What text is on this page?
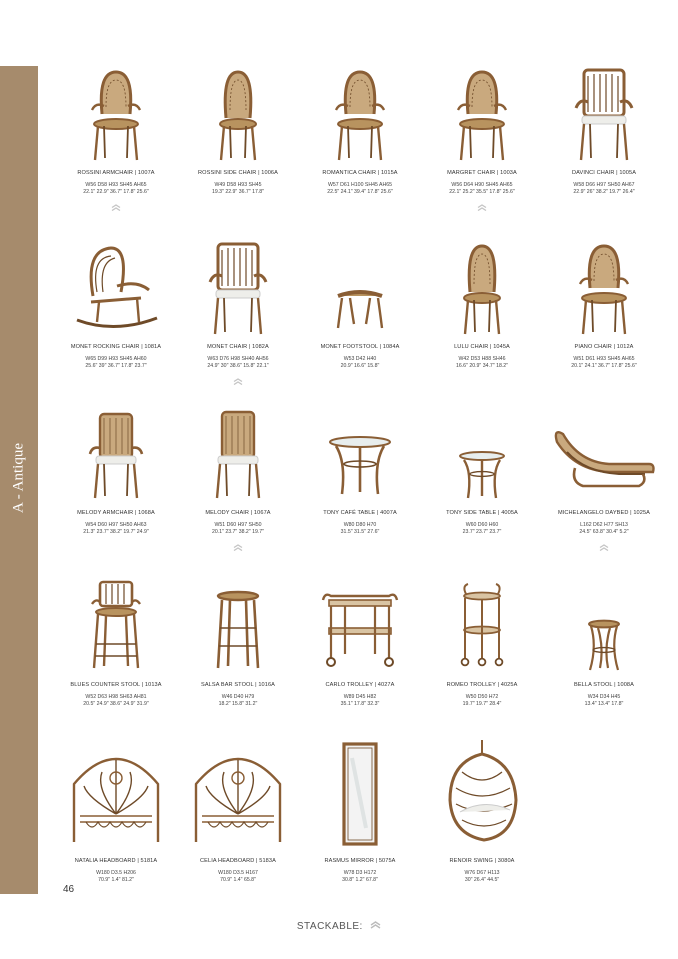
A - Antique
ROSSINI ARMCHAIR | 1007A
W56 D58 H93 SH45 AH65
22.1" 22.9" 36.7" 17.8" 25.6"
ROSSINI SIDE CHAIR | 1006A
W49 D58 H93 SH45
19.3" 22.9" 36.7" 17.8"
ROMANTICA CHAIR | 1015A
W57 D61 H100 SH45 AH65
22.5" 24.1" 39.4" 17.8" 25.6"
MARGRET CHAIR | 1003A
W56 D64 H90 SH45 AH65
22.1" 25.2" 35.5" 17.8" 25.6"
DAVINCI CHAIR | 1005A
W58 D66 H97 SH50 AH67
22.9" 26" 38.2" 19.7" 26.4"
MONET ROCKING CHAIR | 1081A
W65 D99 H93 SH45 AH60
25.6" 39" 36.7" 17.8" 23.7"
MONET CHAIR | 1082A
W63 D76 H98 SH40 AH56
24.9" 30" 38.6" 15.8" 22.1"
MONET FOOTSTOOL | 1084A
W53 D42 H40
20.9" 16.6" 15.8"
LULU CHAIR | 1045A
W42 D53 H88 SH46
16.6" 20.9" 34.7" 18.2"
PIANO CHAIR | 1012A
W51 D61 H93 SH45 AH65
20.1" 24.1" 36.7" 17.8" 25.6"
MELODY ARMCHAIR | 1068A
W54 D60 H97 SH50 AH63
21.3" 23.7" 38.2" 19.7" 24.9"
MELODY CHAIR | 1067A
W51 D60 H97 SH50
20.1" 23.7" 38.2" 19.7"
TONY CAFÉ TABLE | 4007A
W80 D80 H70
31.5" 31.5" 27.6"
TONY SIDE TABLE | 4005A
W60 D60 H60
23.7" 23.7" 23.7"
MICHELANGELO DAYBED | 1025A
L162 D62 H77 SH13
24.5" 63.8" 30.4" 5.2"
BLUES COUNTER STOOL | 1013A
W52 D63 H98 SH63 AH81
20.5" 24.9" 38.6" 24.9" 31.9"
SALSA BAR STOOL | 1016A
W46 D40 H79
18.2" 15.8" 31.2"
CARLO TROLLEY | 4027A
W89 D45 H82
35.1" 17.8" 32.3"
ROMEO TROLLEY | 4025A
W50 D50 H72
19.7" 19.7" 28.4"
BELLA STOOL | 1008A
W34 D34 H45
13.4" 13.4" 17.8"
NATALIA HEADBOARD | 5181A
W180 D3.5 H206
70.9" 1.4" 81.2"
CELIA HEADBOARD | 5183A
W180 D3.5 H167
70.9" 1.4" 65.8"
RASMUS MIRROR | 5075A
W78 D3 H172
30.8" 1.2" 67.8"
RENOIR SWING | 3080A
W76 D67 H113
30" 26.4" 44.5"
46
STACKABLE:
